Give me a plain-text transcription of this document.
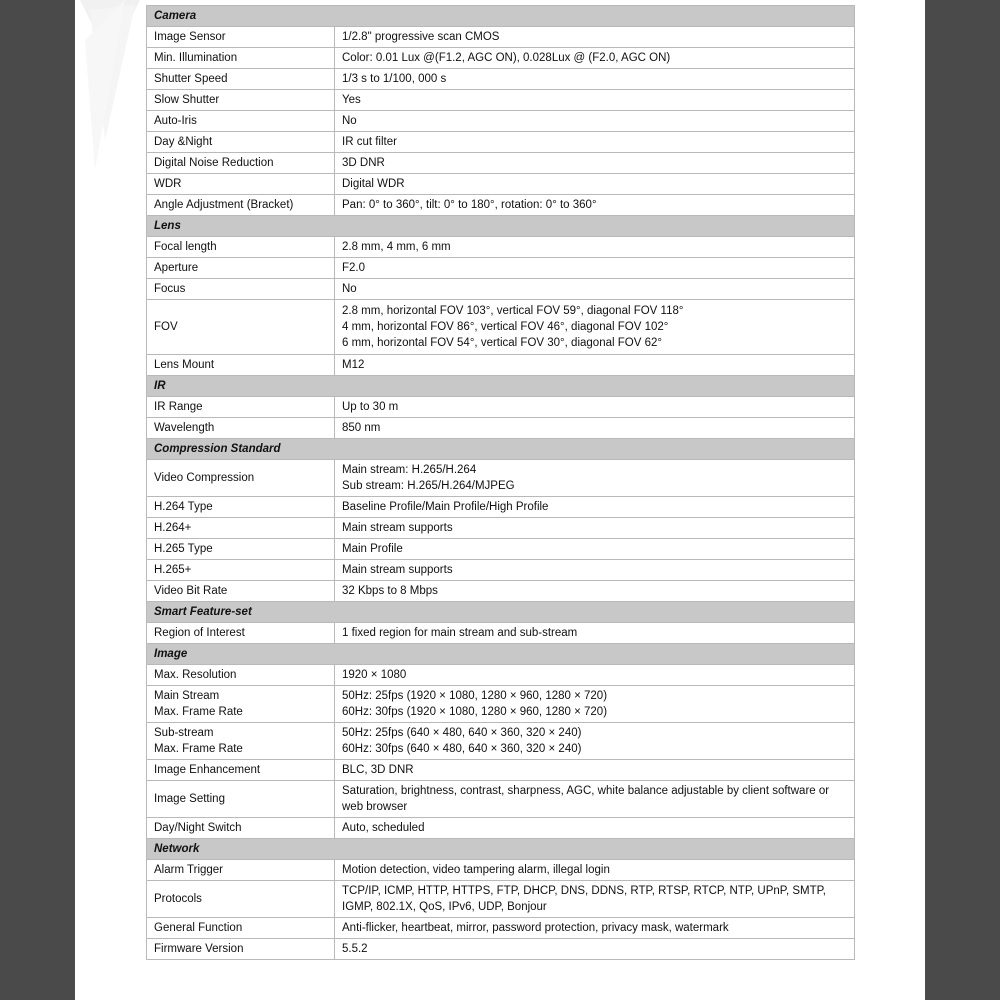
Camera	
Image Sensor	1/2.8" progressive scan CMOS
Min. Illumination	Color: 0.01 Lux @(F1.2, AGC ON), 0.028Lux @ (F2.0, AGC ON)
Shutter Speed	1/3 s to 1/100, 000 s
Slow Shutter	Yes
Auto-Iris	No
Day &Night	IR cut filter
Digital Noise Reduction	3D DNR
WDR	Digital WDR
Angle Adjustment (Bracket)	Pan: 0° to 360°, tilt: 0° to 180°, rotation: 0° to 360°
Lens	
Focal length	2.8 mm, 4 mm, 6 mm
Aperture	F2.0
Focus	No
FOV	2.8 mm, horizontal FOV 103°, vertical FOV 59°, diagonal FOV 118°
4 mm, horizontal FOV 86°, vertical FOV 46°, diagonal FOV 102°
6 mm, horizontal FOV 54°, vertical FOV 30°, diagonal FOV 62°
Lens Mount	M12
IR	
IR Range	Up to 30 m
Wavelength	850 nm
Compression Standard	
Video Compression	Main stream: H.265/H.264
Sub stream: H.265/H.264/MJPEG
H.264 Type	Baseline Profile/Main Profile/High Profile
H.264+	Main stream supports
H.265 Type	Main Profile
H.265+	Main stream supports
Video Bit Rate	32 Kbps to 8 Mbps
Smart Feature-set	
Region of Interest	1 fixed region for main stream and sub-stream
Image	
Max. Resolution	1920 × 1080
Main Stream
Max. Frame Rate	50Hz: 25fps (1920 × 1080, 1280 × 960, 1280 × 720)
60Hz: 30fps (1920 × 1080, 1280 × 960, 1280 × 720)
Sub-stream
Max. Frame Rate	50Hz: 25fps (640 × 480, 640 × 360, 320 × 240)
60Hz: 30fps (640 × 480, 640 × 360, 320 × 240)
Image Enhancement	BLC, 3D DNR
Image Setting	Saturation, brightness, contrast, sharpness, AGC, white balance adjustable by client software or web browser
Day/Night Switch	Auto, scheduled
Network	
Alarm Trigger	Motion detection, video tampering alarm, illegal login
Protocols	TCP/IP, ICMP, HTTP, HTTPS, FTP, DHCP, DNS, DDNS, RTP, RTSP, RTCP, NTP, UPnP, SMTP, IGMP, 802.1X, QoS, IPv6, UDP, Bonjour
General Function	Anti-flicker, heartbeat, mirror, password protection, privacy mask, watermark
Firmware Version	5.5.2
